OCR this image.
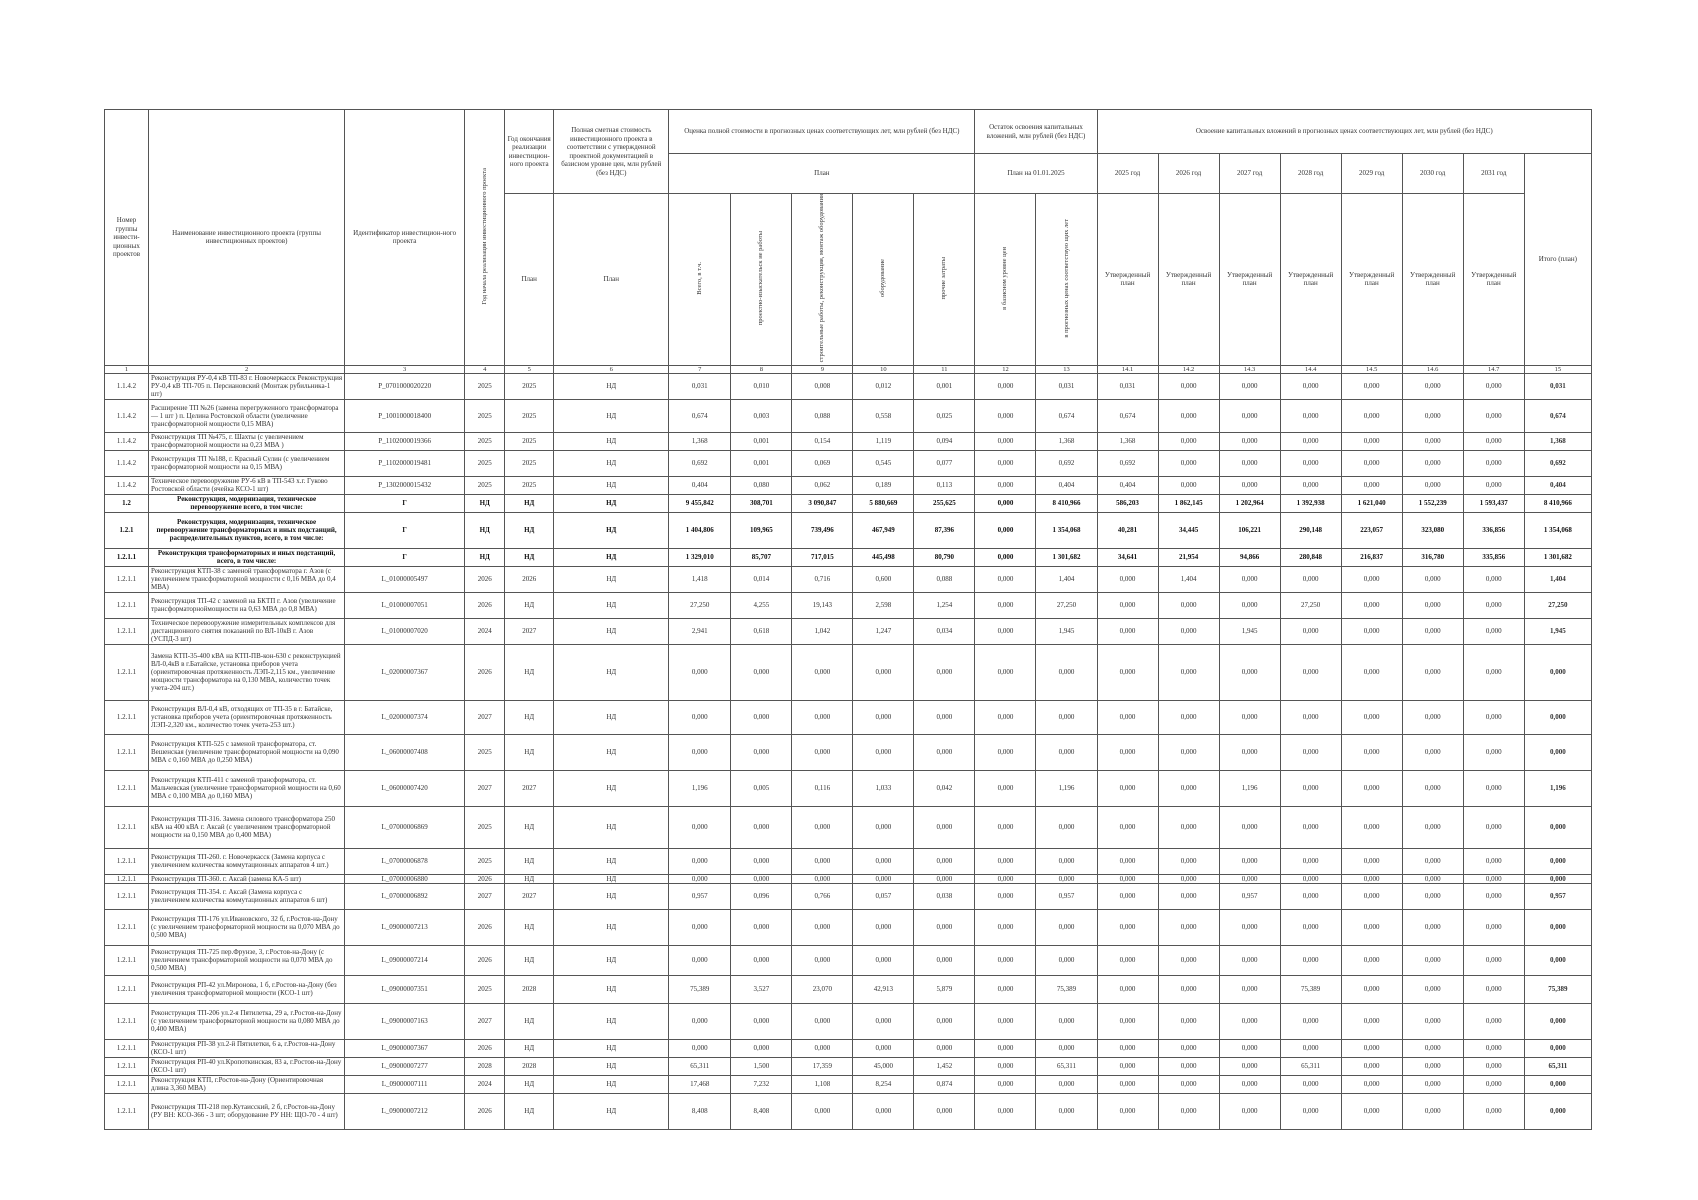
Номер группы инвести-ционных проектов	Наименование инвестиционного проекта (группы инвестиционных проектов)	Идентификатор инвестицион-ного проекта	Год начала реализации инвестиционного проекта	Год окончания реализации инвестицион-ного проекта	Полная сметная стоимость инвестиционного проекта в соответствии с утвержденной проектной документацией в базисном уровне цен, млн рублей (без НДС)	Оценка полной стоимости в прогнозных ценах соответствующих лет, млн рублей (без НДС)					Остаток освоения капитальных вложений, млн рублей (без НДС)		Освоение капитальных вложений в прогнозных ценах соответствующих лет, млн рублей (без НДС)							
						План					План на 01.01.2025		2025 год	2026 год	2027 год	2028 год	2029 год	2030 год	2031 год	Итого (план)
				План	План	Всего, в т.ч.	проектно-изыскательск ие работы	строительные работы, реконструкция, монтаж оборудования	оборудование	прочие затраты	в базисном уровне цен	в прогнозных ценах соответствую щих лет	Утвержденный план	Утвержденный план	Утвержденный план	Утвержденный план	Утвержденный план	Утвержденный план	Утвержденный план	
1	2	3	4	5	6	7	8	9	10	11	12	13	14.1	14.2	14.3	14.4	14.5	14.6	14.7	15
1.1.4.2	Реконструкция РУ-0,4 кВ ТП-83 г. Новочеркасск Реконструкция РУ-0,4 кВ ТП-705 п. Персиановский (Монтаж рубильника-1 шт)	P_0701000020220	2025	2025	НД	0,031	0,010	0,008	0,012	0,001	0,000	0,031	0,031	0,000	0,000	0,000	0,000	0,000	0,000	0,031
1.1.4.2	Расширение ТП №26 (замена перегруженного трансформатора — 1 шт ) п. Целина Ростовской области (увеличение трансформаторной мощности 0,15 МВА)	P_1001000018400	2025	2025	НД	0,674	0,003	0,088	0,558	0,025	0,000	0,674	0,674	0,000	0,000	0,000	0,000	0,000	0,000	0,674
1.1.4.2	Реконструкция ТП №475, г. Шахты (с увеличением трансформаторной мощности на 0,23 МВА )	P_1102000019366	2025	2025	НД	1,368	0,001	0,154	1,119	0,094	0,000	1,368	1,368	0,000	0,000	0,000	0,000	0,000	0,000	1,368
1.1.4.2	Реконструкция ТП №188, г. Красный Сулин (с увеличением трансформаторной мощности на 0,15 МВА)	P_1102000019481	2025	2025	НД	0,692	0,001	0,069	0,545	0,077	0,000	0,692	0,692	0,000	0,000	0,000	0,000	0,000	0,000	0,692
1.1.4.2	Техническое перевооружение РУ-6 кВ в ТП-543 х.г. Гуково Ростовской области (ячейка КСО-1 шт)	P_1302000015432	2025	2025	НД	0,404	0,080	0,062	0,189	0,113	0,000	0,404	0,404	0,000	0,000	0,000	0,000	0,000	0,000	0,404
1.2	Реконструкция, модернизация, техническое перевооружение всего, в том числе:	Г	НД	НД	НД	9 455,842	308,701	3 090,847	5 880,669	255,625	0,000	8 410,966	586,203	1 862,145	1 202,964	1 392,938	1 621,040	1 552,239	1 593,437	8 410,966
1.2.1	Реконструкция, модернизация, техническое перевооружение трансформаторных и иных подстанций, распределительных пунктов, всего, в том числе:	Г	НД	НД	НД	1 404,806	109,965	739,496	467,949	87,396	0,000	1 354,068	40,281	34,445	106,221	290,148	223,057	323,080	336,856	1 354,068
1.2.1.1	Реконструкция трансформаторных и иных подстанций, всего, в том числе:	Г	НД	НД	НД	1 329,010	85,707	717,015	445,498	80,790	0,000	1 301,682	34,641	21,954	94,866	280,848	216,837	316,780	335,856	1 301,682
1.2.1.1	Реконструкция КТП-38 с заменой трансформатора г. Азов (с увеличением трансформаторной мощности с 0,16 МВА до 0,4 МВА)	L_01000005497	2026	2026	НД	1,418	0,014	0,716	0,600	0,088	0,000	1,404	0,000	1,404	0,000	0,000	0,000	0,000	0,000	1,404
1.2.1.1	Реконструкция ТП-42 с заменой на БКТП г. Азов (увеличение трансформаторноймощности на 0,63 МВА до 0,8 МВА)	L_01000007051	2026	НД	НД	27,250	4,255	19,143	2,598	1,254	0,000	27,250	0,000	0,000	0,000	27,250	0,000	0,000	0,000	27,250
1.2.1.1	Техническое перевооружение измерительных комплексов для дистанционного снятия показаний по ВЛ-10кВ г. Азов (УСПД-3 шт)	L_01000007020	2024	2027	НД	2,941	0,618	1,042	1,247	0,034	0,000	1,945	0,000	0,000	1,945	0,000	0,000	0,000	0,000	1,945
1.2.1.1	Замена КТП-35-400 кВА на КТП-ПВ-кон-630 с реконструкцией ВЛ-0,4кВ в г.Батайске, установка приборов учета (ориентировочная протяженность ЛЭП-2,115 км., увеличение мощности трансформатора на 0,130 МВА, количество точек учета-204 шт.)	L_02000007367	2026	НД	НД	0,000	0,000	0,000	0,000	0,000	0,000	0,000	0,000	0,000	0,000	0,000	0,000	0,000	0,000	0,000
1.2.1.1	Реконструкция ВЛ-0,4 кВ, отходящих от ТП-35 в г. Батайске, установка приборов учета (ориентировочная протяженность ЛЭП-2,320 км., количество точек учета-253 шт.)	L_02000007374	2027	НД	НД	0,000	0,000	0,000	0,000	0,000	0,000	0,000	0,000	0,000	0,000	0,000	0,000	0,000	0,000	0,000
1.2.1.1	Реконструкция КТП-525 с заменой трансформатора, ст. Вешенская (увеличение трансформаторной мощности на 0,090 МВА с 0,160 МВА до 0,250 МВА)	L_06000007408	2025	НД	НД	0,000	0,000	0,000	0,000	0,000	0,000	0,000	0,000	0,000	0,000	0,000	0,000	0,000	0,000	0,000
1.2.1.1	Реконструкция КТП-411 с заменой трансформатора, ст. Мальчевская (увеличение трансформаторной мощности на 0,60 МВА с 0,100 МВА до 0,160 МВА)	L_06000007420	2027	2027	НД	1,196	0,005	0,116	1,033	0,042	0,000	1,196	0,000	0,000	1,196	0,000	0,000	0,000	0,000	1,196
1.2.1.1	Реконструкция ТП-316. Замена силового трансформатора 250 кВА на 400 кВА г. Аксай (с увеличением трансформаторной мощности на 0,150 МВА до 0,400 МВА)	L_07000006869	2025	НД	НД	0,000	0,000	0,000	0,000	0,000	0,000	0,000	0,000	0,000	0,000	0,000	0,000	0,000	0,000	0,000
1.2.1.1	Реконструкция ТП-260. г. Новочеркасск (Замена корпуса с увеличением количества коммутационных аппаратов 4 шт.)	L_07000006878	2025	НД	НД	0,000	0,000	0,000	0,000	0,000	0,000	0,000	0,000	0,000	0,000	0,000	0,000	0,000	0,000	0,000
1.2.1.1	Реконструкция ТП-360. г. Аксай (замена КА-5 шт)	L_07000006880	2026	НД	НД	0,000	0,000	0,000	0,000	0,000	0,000	0,000	0,000	0,000	0,000	0,000	0,000	0,000	0,000	0,000
1.2.1.1	Реконструкция ТП-354. г. Аксай (Замена корпуса с увеличением количества коммутационных аппаратов 6 шт)	L_07000006892	2027	2027	НД	0,957	0,096	0,766	0,057	0,038	0,000	0,957	0,000	0,000	0,957	0,000	0,000	0,000	0,000	0,957
1.2.1.1	Реконструкция ТП-176 ул.Ивановского, 32 б, г.Ростов-на-Дону (с увеличением трансформаторной мощности на 0,070 МВА до 0,500 МВА)	L_09000007213	2026	НД	НД	0,000	0,000	0,000	0,000	0,000	0,000	0,000	0,000	0,000	0,000	0,000	0,000	0,000	0,000	0,000
1.2.1.1	Реконструкция ТП-725 пер.Фрунзе, 3, г.Ростов-на-Дону (с увеличением трансформаторной мощности на 0,070 МВА до 0,500 МВА)	L_09000007214	2026	НД	НД	0,000	0,000	0,000	0,000	0,000	0,000	0,000	0,000	0,000	0,000	0,000	0,000	0,000	0,000	0,000
1.2.1.1	Реконструкция РП-42 ул.Миронова, 1 б, г.Ростов-на-Дону (без увеличения трансформаторной мощности (КСО-1 шт)	L_09000007351	2025	2028	НД	75,389	3,527	23,070	42,913	5,879	0,000	75,389	0,000	0,000	0,000	75,389	0,000	0,000	0,000	75,389
1.2.1.1	Реконструкция ТП-206 ул.2-я Пятилетка, 29 а, г.Ростов-на-Дону (с увеличением трансформаторной мощности на 0,080 МВА до 0,400 МВА)	L_09000007163	2027	НД	НД	0,000	0,000	0,000	0,000	0,000	0,000	0,000	0,000	0,000	0,000	0,000	0,000	0,000	0,000	0,000
1.2.1.1	Реконструкция РП-38 ул.2-й Пятилетки, 6 а, г.Ростов-на-Дону (КСО-1 шт)	L_09000007367	2026	НД	НД	0,000	0,000	0,000	0,000	0,000	0,000	0,000	0,000	0,000	0,000	0,000	0,000	0,000	0,000	0,000
1.2.1.1	Реконструкция РП-40 ул.Кропоткинская, 83 а, г.Ростов-на-Дону (КСО-1 шт)	L_09000007277	2028	2028	НД	65,311	1,500	17,359	45,000	1,452	0,000	65,311	0,000	0,000	0,000	65,311	0,000	0,000	0,000	65,311
1.2.1.1	Реконструкция КТП, г.Ростов-на-Дону (Ориентировочная длина 3,360 МВА)	L_09000007111	2024	НД	НД	17,468	7,232	1,108	8,254	0,874	0,000	0,000	0,000	0,000	0,000	0,000	0,000	0,000	0,000	0,000
1.2.1.1	Реконструкция ТП-218 пер.Кутаисский, 2 б, г.Ростов-на-Дону (РУ ВН: КСО-366 - 3 шт; оборудование РУ НН: ЩО-70 - 4 шт)	L_09000007212	2026	НД	НД	8,408	8,408	0,000	0,000	0,000	0,000	0,000	0,000	0,000	0,000	0,000	0,000	0,000	0,000	0,000
